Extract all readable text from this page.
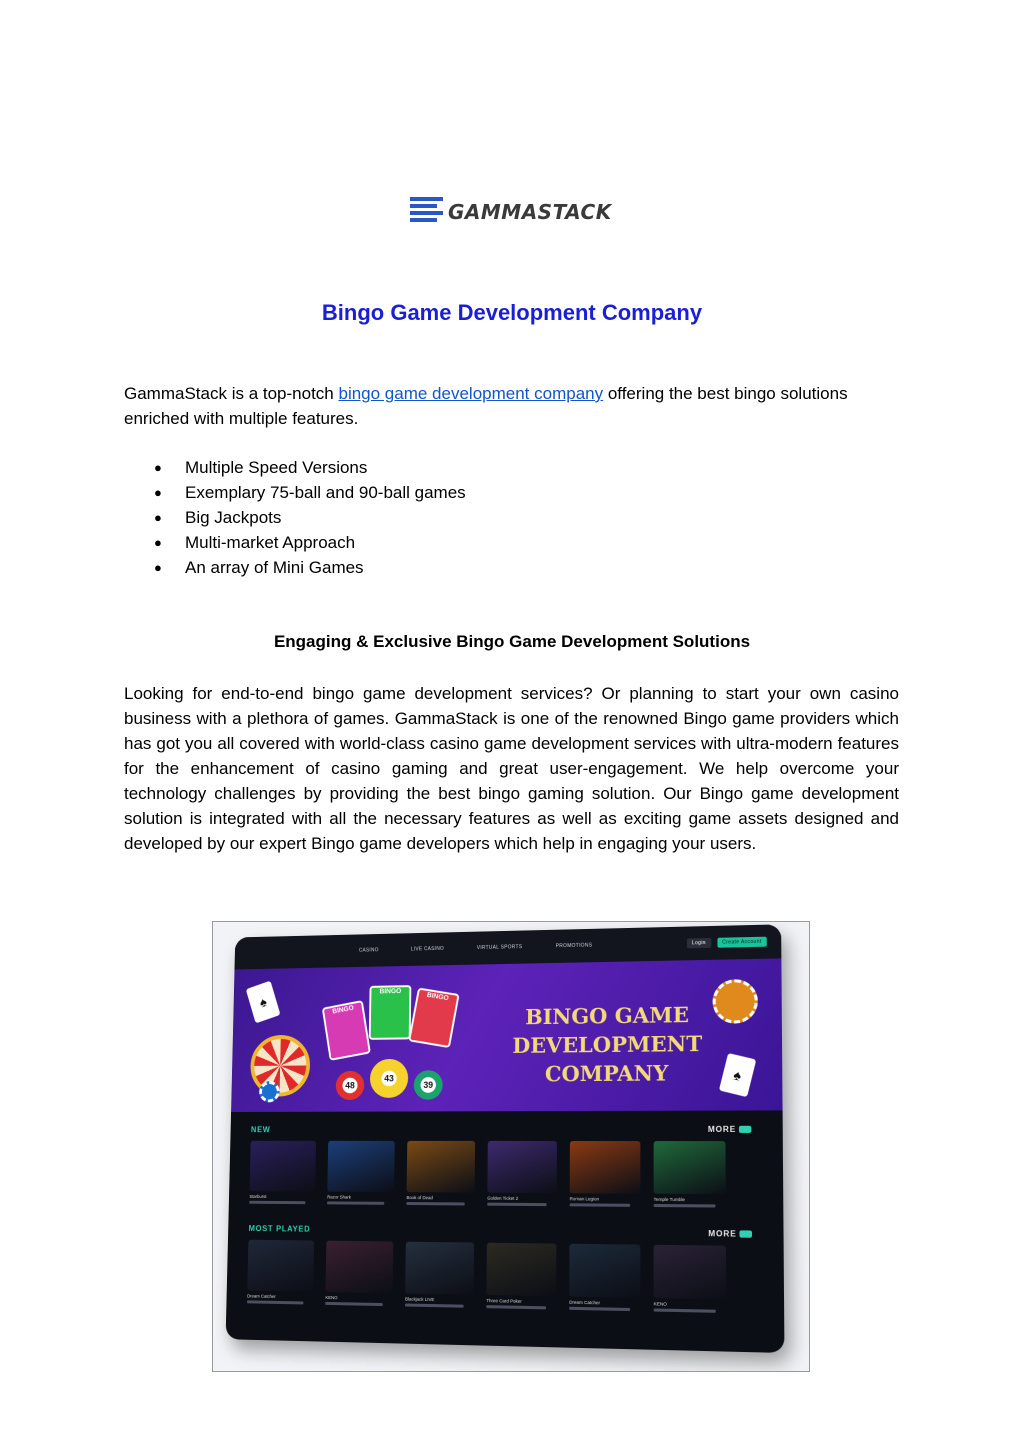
GAMMASTACK
Bingo Game Development Company

GammaStack is a top-notch bingo game development company offering the best bingo solutions enriched with multiple features.

● Multiple Speed Versions
● Exemplary 75-ball and 90-ball games
● Big Jackpots
● Multi-market Approach
● An array of Mini Games
Engaging & Exclusive Bingo Game Development Solutions

Looking for end-to-end bingo game development services? Or planning to start your own casino business with a plethora of games. GammaStack is one of the renowned Bingo game providers which has got you all covered with world-class casino game development services with ultra-modern features for the enhancement of casino gaming and great user-engagement. We help overcome your technology challenges by providing the best bingo gaming solution. Our Bingo game development solution is integrated with all the necessary features as well as exciting game assets designed and developed by our expert Bingo game developers which help in engaging your users.

CASINO	LIVE CASINO	VIRTUAL SPORTS	PROMOTIONS	Login	Create Account
♠
♠
BINGO
BINGO
BINGO
48
43
39
BINGO GAME
DEVELOPMENT
COMPANY
NEW	MORE
Starburst	Razor Shark	Book of Dead	Golden Ticket 2	Roman Legion	Temple Tumble
MOST PLAYED
MORE
Dream Catcher	KENO	Blackjack LIVE	Three Card Poker	Dream Catcher	KENO
